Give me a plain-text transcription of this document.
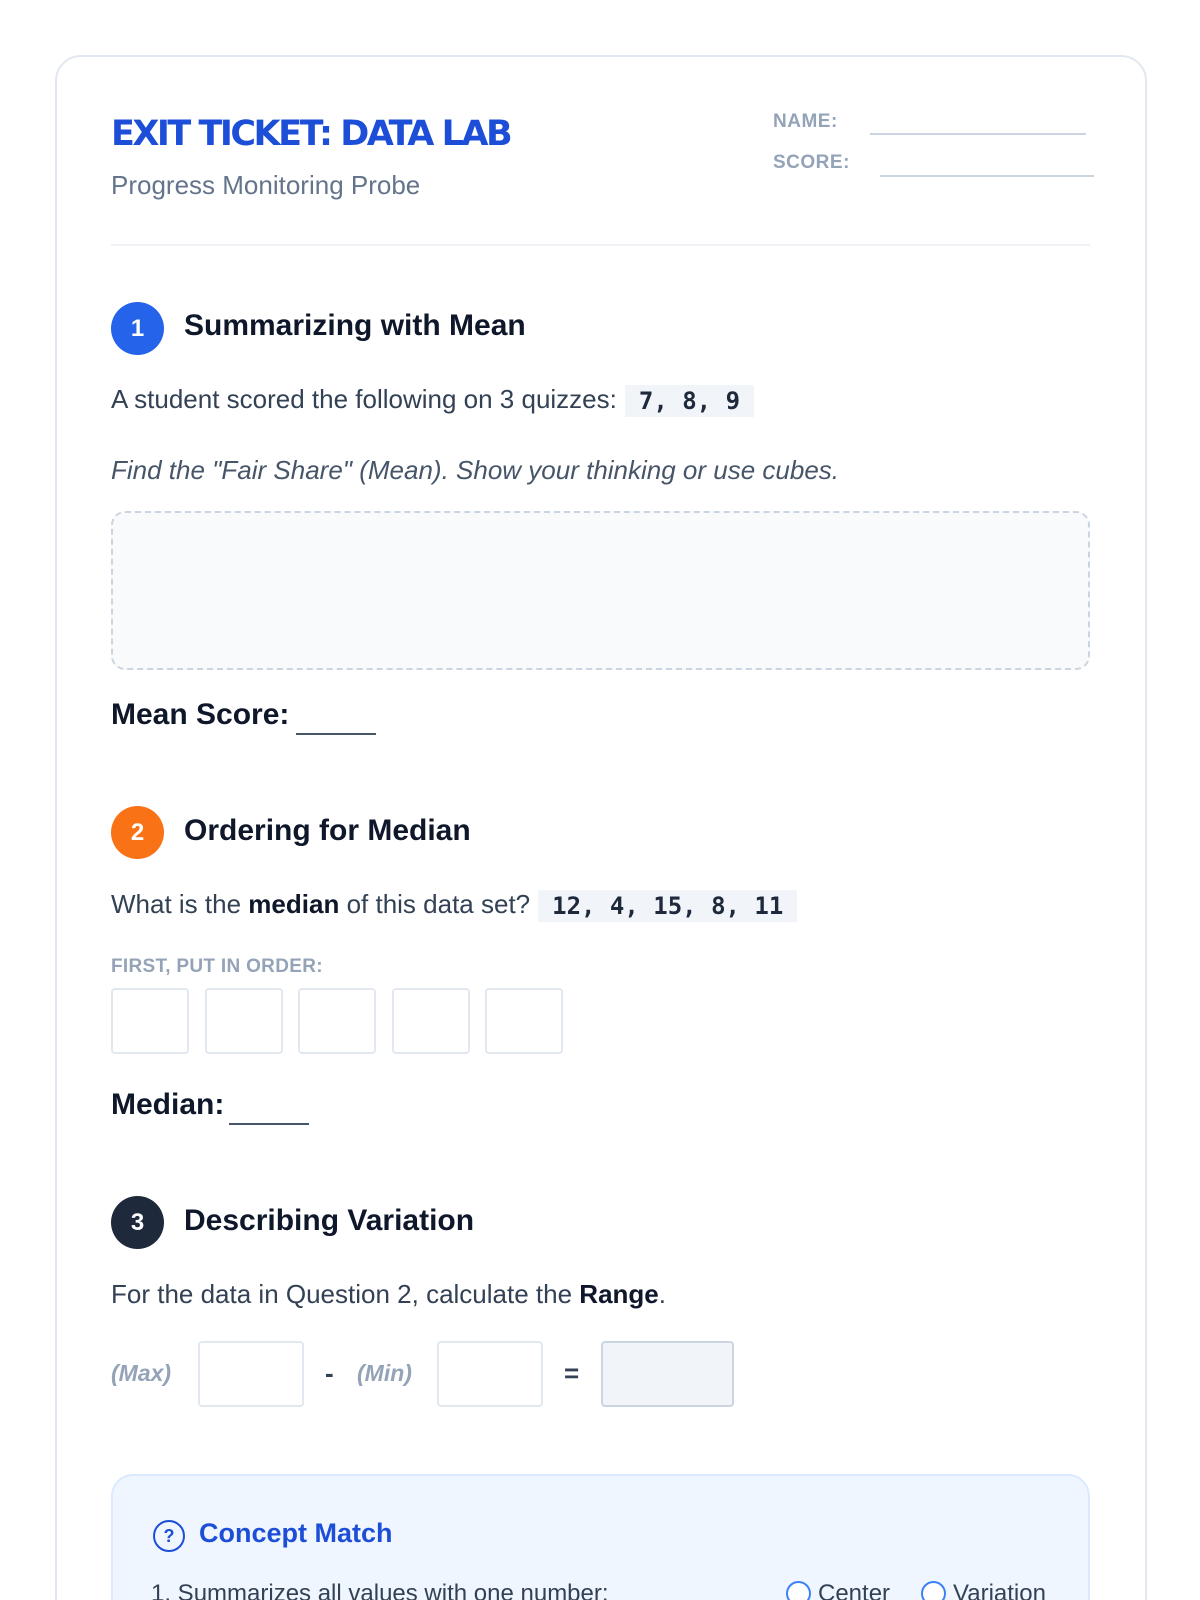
EXIT TICKET: DATA LAB
Progress Monitoring Probe
NAME:
SCORE:
1	Summarizing with Mean
A student scored the following on 3 quizzes: 7, 8, 9
Find the "Fair Share" (Mean). Show your thinking or use cubes.
Mean Score:
2	Ordering for Median
What is the median of this data set? 12, 4, 15, 8, 11
FIRST, PUT IN ORDER:
Median:
3	Describing Variation
For the data in Question 2, calculate the Range.
(Max)	- (Min)	=
? Concept Match
1. Summarizes all values with one number:	Center	Variation
